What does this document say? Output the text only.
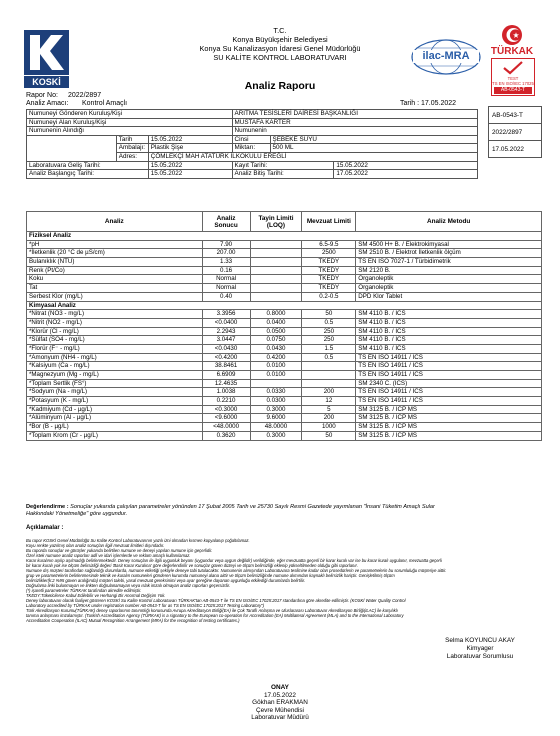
KOSKİ
T.C.
Konya Büyükşehir Belediyesi
Konya Su Kanalizasyon İdaresi Genel Müdürlüğü
SU KALİTE KONTROL LABORATUVARI	ilac-MRA	TÜRKAK
TEST
TS EN ISO/IEC 17025
AB-0543-T
Analiz Raporu
Rapor No: 2022/2897
Analiz Amacı: Kontrol Amaçlı	Tarih : 17.05.2022
AB-0543-T
2022/2897
17.05.2022
Numuneyi Gönderen Kuruluş/Kişi			ARITMA TESİSLERİ DAİRESİ BAŞKANLIĞI		
Numuneyi Alan Kuruluş/Kişi			MUSTAFA KARTER		
Numunenin Alındığı			Numunenin		
	Tarih	15.05.2022	Cinsi	ŞEBEKE SUYU	
	Ambalajı:	Plastik Şişe	Miktarı:	500 ML	
	Adres:	ÇÖMLEKÇİ MAH ATATÜRK İLKOKULU EREĞLİ			
Laboratuvara Geliş Tarihi:		15.05.2022	Kayıt Tarihi:		15.05.2022
Analiz Başlangıç Tarihi:		15.05.2022	Analiz Bitiş Tarihi:		17.05.2022
Analiz	Analiz Sonucu	Tayin Limiti (LOQ)	Mevzuat Limiti	Analiz Metodu
Fiziksel Analiz				
*pH	7.90		6.5-9.5	SM 4500 H+ B. / Elektrokimyasal
*İletkenlik (20 °C de µS/cm)	207.00		2500	SM 2510 B. / Elektrot İletkenlik ölçüm
Bulanıklık (NTU)	1.33		TKEDY	TS EN ISO 7027-1 / Türbidimetrik
Renk (Pt/Co)	0.16		TKEDY	SM 2120 B.
Koku	Normal		TKEDY	Organoleptik
Tat	Normal		TKEDY	Organoleptik
Serbest Klor (mg/L)	0.40		0.2-0.5	DPD Klor Tablet
Kimyasal Analiz				
*Nitrat (NO3 - mg/L)	3.3956	0.8000	50	SM 4110 B. / ICS
*Nitrit (NO2 - mg/L)	<0.0400	0.0400	0.5	SM 4110 B. / ICS
*Klorür (Cl - mg/L)	2.2943	0.0500	250	SM 4110 B. / ICS
*Sülfat (SO4 - mg/L)	3.0447	0.0750	250	SM 4110 B. / ICS
*Florür (F⁻ - mg/L)	<0.0430	0.0430	1.5	SM 4110 B. / ICS
*Amonyum (NH4 - mg/L)	<0.4200	0.4200	0.5	TS EN ISO 14911 / ICS
*Kalsiyum (Ca - mg/L)	38.8461	0.0100		TS EN ISO 14911 / ICS
*Magnezyum (Mg - mg/L)	6.6909	0.0100		TS EN ISO 14911 / ICS
*Toplam Sertlik (FS°)	12.4635			SM 2340 C. (ICS)
*Sodyum (Na - mg/L)	1.0038	0.0330	200	TS EN ISO 14911 / ICS
*Potasyum (K - mg/L)	0.2210	0.0300	12	TS EN ISO 14911 / ICS
*Kadmiyum (Cd - µg/L)	<0.3000	0.3000	5	SM 3125 B. / ICP MS
*Alüminyum (Al - µg/L)	<9.6000	9.6000	200	SM 3125 B. / ICP MS
*Bor (B - µg/L)	<48.0000	48.0000	1000	SM 3125 B. / ICP MS
*Toplam Krom (Cr - µg/L)	0.3620	0.3000	50	SM 3125 B. / ICP MS
Değerlendirme : Sonuçlar yukarıda çalışılan parametreler yönünden 17 Şubat 2005 Tarih ve 25730 Sayılı Resmi Gazetede yayımlanan "İnsani Tüketim Amaçlı Sular
Hakkındaki Yönetmeliğe" göre uygundur.
Açıklamalar :
Bu rapor KOSKİ Genel Müdürlüğü Su Kalite Kontrol Laboratuvarının yazılı izni olmadan kısmen kopyalanıp çoğaltılamaz.
Koyu renkte yazılmış olan analiz sonuçları ilgili mevzuat limitleri dışındadır.
Bu raporda sonuçlar ve görüşler yukarıda belirtilen numune ve deneyi yapılan numune için geçerlidir.
Özel istek numune analiz raporları adli ve idari işlemlerde ve reklam amaçlı kullanılamaz.
Karar kuralının aşılıp aşılmadığı belirlenmektedir. Deney sonuçları ile ilgili uygunluk beyanı (uygundur veya uygun değildir) verildiğinde, eğer mevzuatta geçerli bir karar kuralı var ise bu karar kuralı uygulanır, mevzuatta geçerli
bir karar kuralı yok ise ölçüm belirsizliği değeri 'Basit Karar Kuralına' göre değerlendirilir ve sonuçlar güven düzeyi ve ölçüm belirsizliği eklenip yükseltilmeden olduğu gibi raporlanır.
Numune dış müşteri tarafından sağlandığı durumlarda, numune etiketiği şekliyle deneye tabi tutulacaktır. Numunenin alınışından Laboratuvara teslimine kadar olan prosedürlerin ve parametrelerin bu sorumluluğu müşteriye aittir.
grup ve parametrelerin belirlenmesinde teknik ve kuralın numuneleri gönderen kurumda numuneyi alana aittir ve ölçüm belirsizliğinde numune alımından kaynaklı belirsizlik hariçtir. Genişletilmiş ölçüm
belirsizlikler(k:2 %95 güven aralığında) müşteri talebi, yasal mevzuat gereksinimi veya uyar gereğine dayanan uygunluğu etkilediği durumlarda belirtilir.
Doğrulama linki bulunmayan ve linkten doğrulanamayan veya ıslak imzalı olmayan analiz raporları geçersizdir.
(*) işaretli parametreler TÜRKAK tarafından akredite edilmiştir.
TKEDY:Tüketicilerce Kabul Edilebilir ve Herhangi Bir Anormal Değişim Yok.
Deney laboratuvarı olarak faaliyet gösteren KOSKİ Su Kalite Kontrol Laboratuvarı TÜRKAK'tan AB-0543-T ile TS EN ISO/IEC 17025:2017 standardına göre akredite edilmiştir. (KOSKİ Water Quality Control
Laboratory accredited by TÜRKAK under registration number AB-0543-T for as TS EN ISO/IEC 17025:2017 Testing Laboratory")
Türk Akreditasyon Kurumu(TÜRKAK) deney raporlarının tanınmlığı konusunda Avrupa Akreditasyon Birliği(EA) ile Çok Taraflı Anlaşma ve Uluslararası Laboratuvar Akreditasyon Birliği(ILAC) ile karşılıklı
tanıma anlaşması imzalamıştır. (Turkish Accreditation Agency (TÜRKAK) is a signatory to the European co-operation for Accreditation (EA) Multilateral Agreement (MLA) and to the International Laboratory
Accreditation Cooperation (ILAC) Mutual Recognition Arrangement (MRA) for the recognition of testing certificates.)
Selma KOYUNCU AKAY
Kimyager
Laboratuvar Sorumlusu
ONAY
17.05.2022
Gökhan ERAKMAN
Çevre Mühendisi
Laboratuvar Müdürü
